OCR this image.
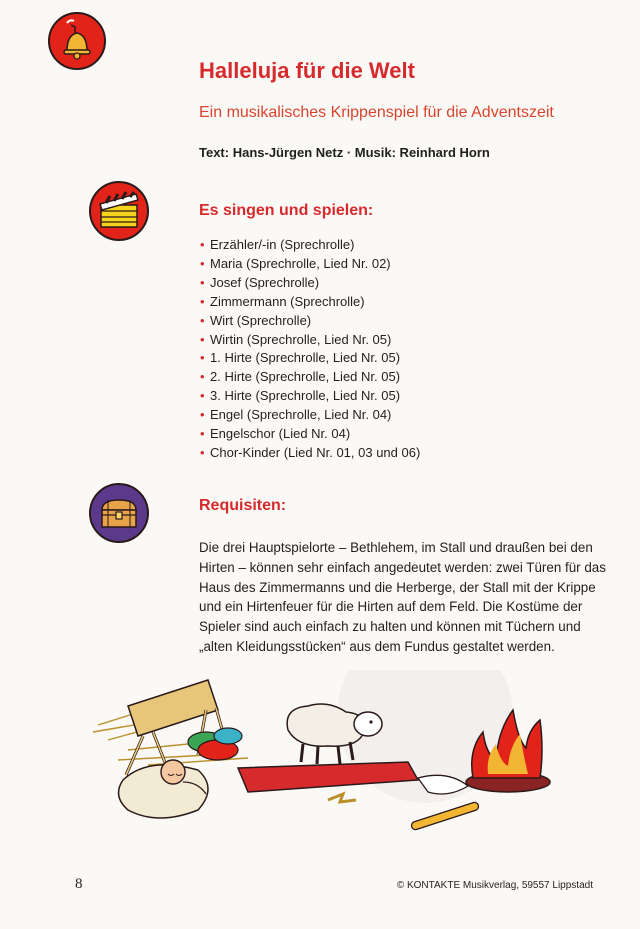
Halleluja für die Welt
Ein musikalisches Krippenspiel für die Adventszeit
Text: Hans-Jürgen Netz · Musik: Reinhard Horn
Es singen und spielen:
• Erzähler/-in (Sprechrolle)
• Maria (Sprechrolle, Lied Nr. 02)
• Josef (Sprechrolle)
• Zimmermann (Sprechrolle)
• Wirt (Sprechrolle)
• Wirtin (Sprechrolle, Lied Nr. 05)
• 1. Hirte (Sprechrolle, Lied Nr. 05)
• 2. Hirte (Sprechrolle, Lied Nr. 05)
• 3. Hirte (Sprechrolle, Lied Nr. 05)
• Engel (Sprechrolle, Lied Nr. 04)
• Engelschor (Lied Nr. 04)
• Chor-Kinder (Lied Nr. 01, 03 und 06)
Requisiten:

Die drei Hauptspielorte – Bethlehem, im Stall und draußen bei den Hirten – können sehr einfach angedeutet werden: zwei Türen für das Haus des Zimmermanns und die Herberge, der Stall mit der Krippe und ein Hirtenfeuer für die Hirten auf dem Feld. Die Kostüme der Spieler sind auch einfach zu halten und können mit Tüchern und „alten Kleidungsstücken“ aus dem Fundus gestaltet werden.

8	© KONTAKTE Musikverlag, 59557 Lippstadt
